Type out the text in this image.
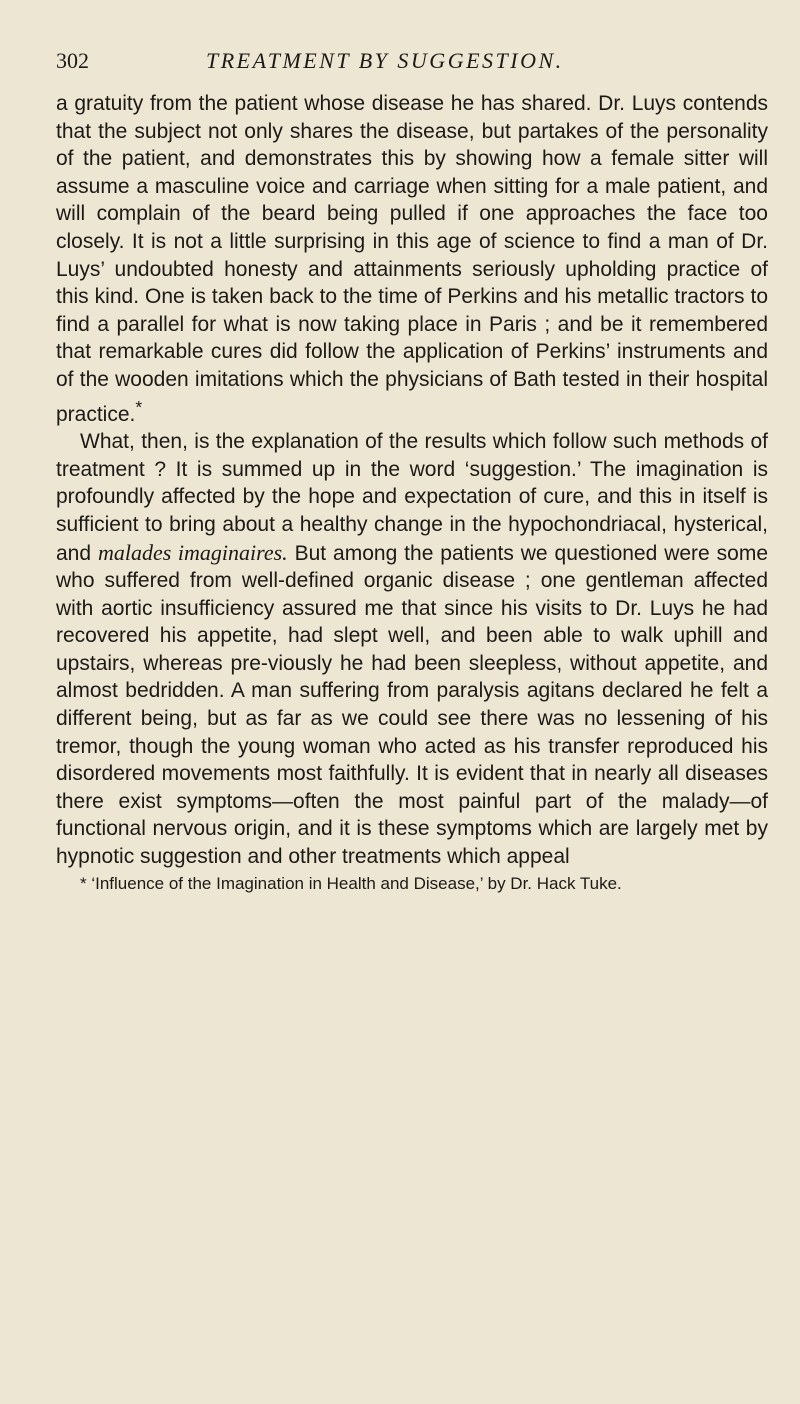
302	TREATMENT BY SUGGESTION.

a gratuity from the patient whose disease he has shared. Dr. Luys contends that the subject not only shares the disease, but partakes of the personality of the patient, and demonstrates this by showing how a female sitter will assume a masculine voice and carriage when sitting for a male patient, and will complain of the beard being pulled if one approaches the face too closely. It is not a little surprising in this age of science to find a man of Dr. Luys’ undoubted honesty and attainments seriously upholding practice of this kind. One is taken back to the time of Perkins and his metallic tractors to find a parallel for what is now taking place in Paris ; and be it remembered that remarkable cures did follow the application of Perkins’ instruments and of the wooden imitations which the physicians of Bath tested in their hospital practice.*

What, then, is the explanation of the results which follow such methods of treatment ? It is summed up in the word ‘suggestion.’ The imagination is profoundly affected by the hope and expectation of cure, and this in itself is sufficient to bring about a healthy change in the hypochondriacal, hysterical, and malades imaginaires. But among the patients we questioned were some who suffered from well-defined organic disease ; one gentleman affected with aortic insufficiency assured me that since his visits to Dr. Luys he had recovered his appetite, had slept well, and been able to walk uphill and upstairs, whereas pre-viously he had been sleepless, without appetite, and almost bedridden. A man suffering from paralysis agitans declared he felt a different being, but as far as we could see there was no lessening of his tremor, though the young woman who acted as his transfer reproduced his disordered movements most faithfully. It is evident that in nearly all diseases there exist symptoms—often the most painful part of the malady—of functional nervous origin, and it is these symptoms which are largely met by hypnotic suggestion and other treatments which appeal

* ‘Influence of the Imagination in Health and Disease,’ by Dr. Hack Tuke.
